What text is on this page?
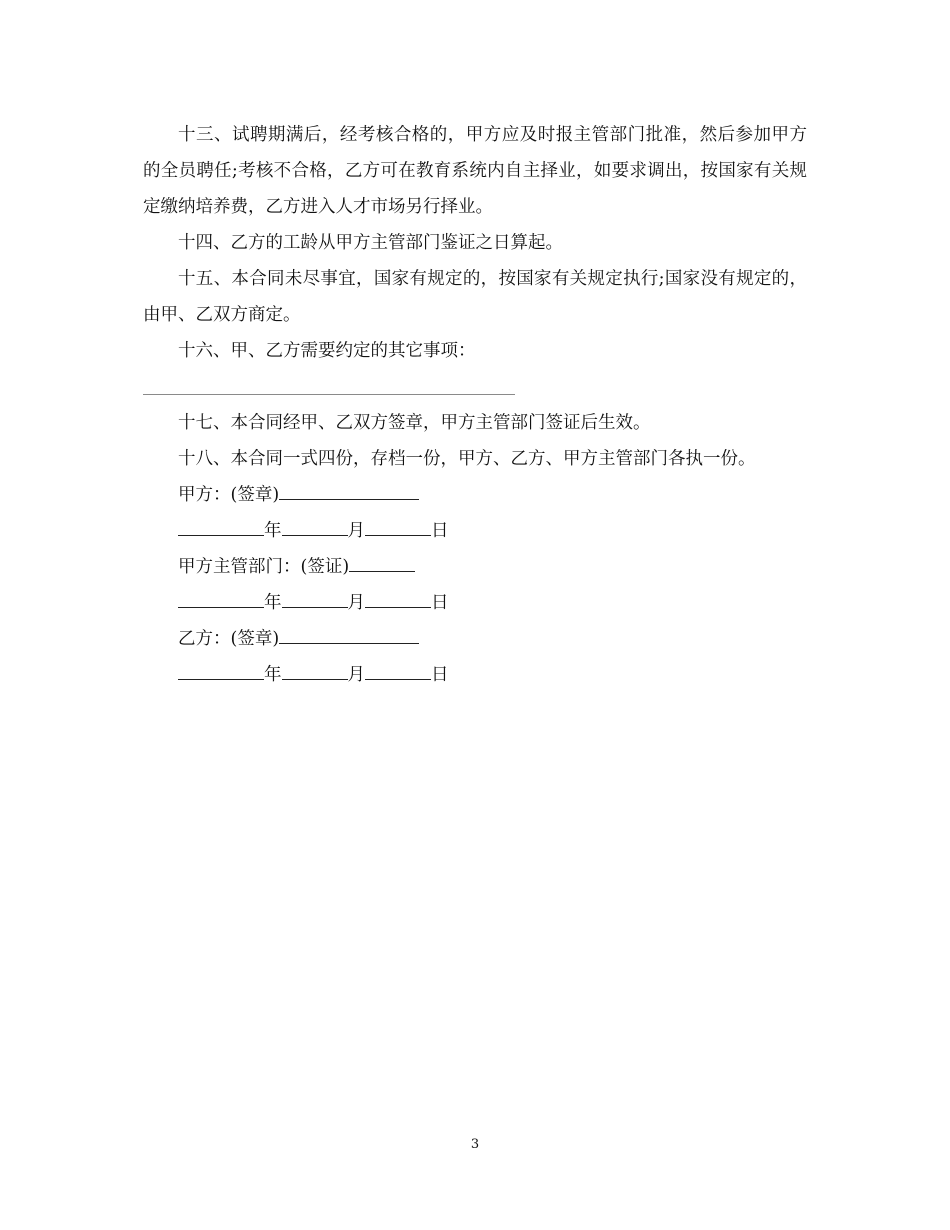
十三、试聘期满后，经考核合格的，甲方应及时报主管部门批准，然后参加甲方的全员聘任;考核不合格，乙方可在教育系统内自主择业，如要求调出，按国家有关规定缴纳培养费，乙方进入人才市场另行择业。

十四、乙方的工龄从甲方主管部门鉴证之日算起。

十五、本合同未尽事宜，国家有规定的，按国家有关规定执行;国家没有规定的，由甲、乙双方商定。

十六、甲、乙方需要约定的其它事项：

十七、本合同经甲、乙双方签章，甲方主管部门签证后生效。

十八、本合同一式四份，存档一份，甲方、乙方、甲方主管部门各执一份。

甲方：(签章)

年	月	日

甲方主管部门：(签证)

年	月	日

乙方：(签章)

年	月	日

3
